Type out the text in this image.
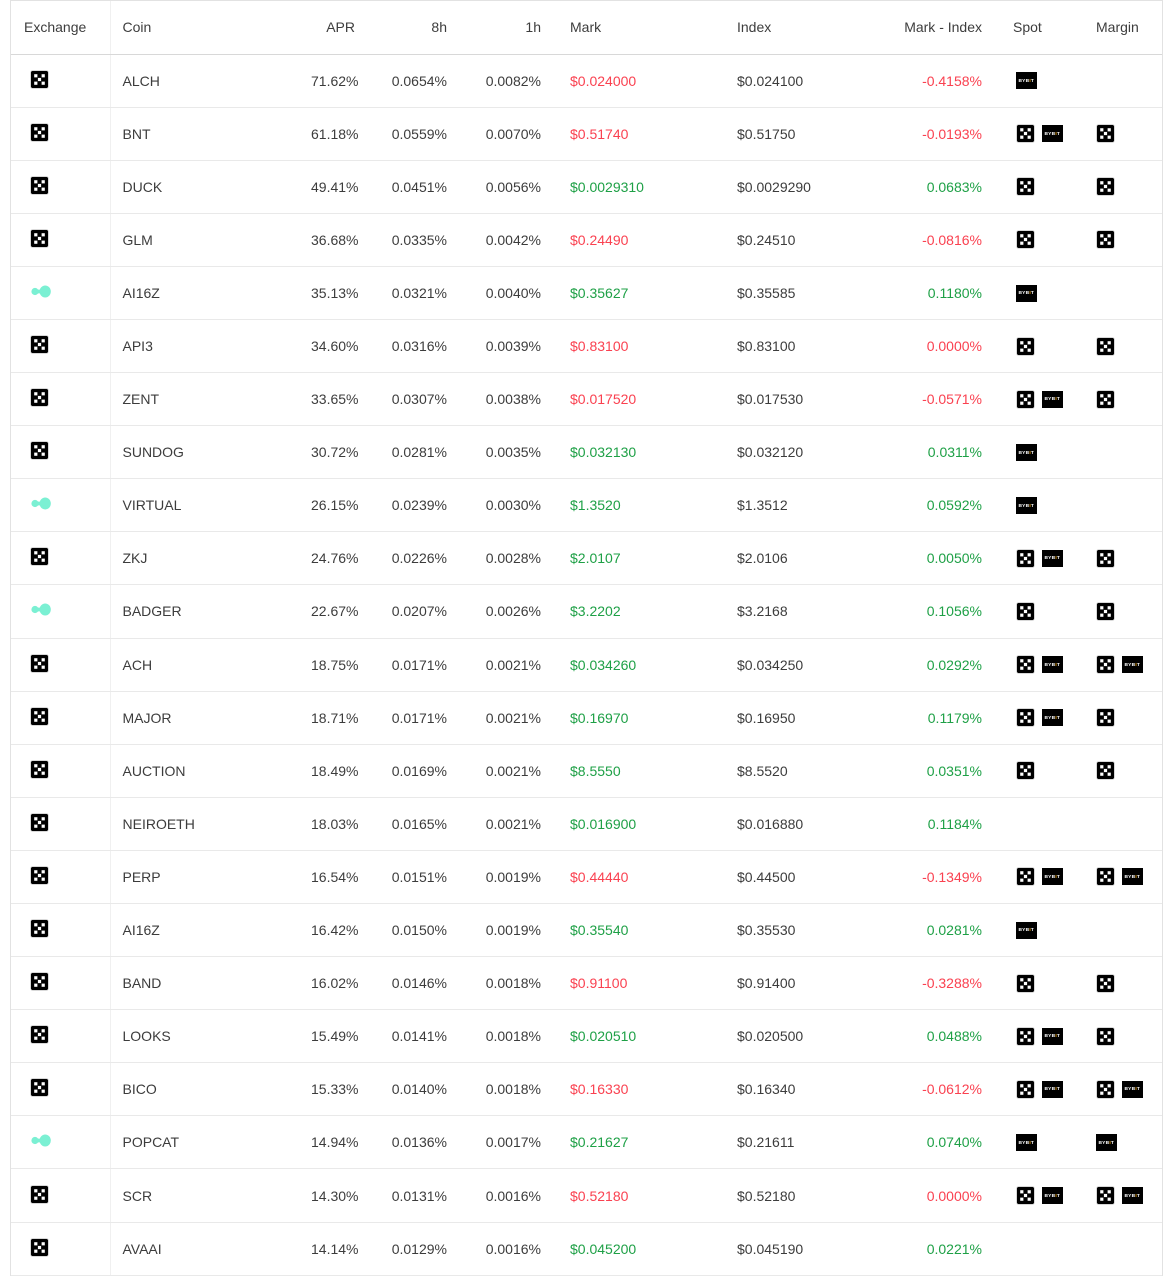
Exchange	Coin	APR	8h	1h	Mark	Index	Mark - Index	Spot	Margin
	ALCH	71.62%	0.0654%	0.0082%	$0.024000	$0.024100	-0.4158%	BYBIT	

	BNT	61.18%	0.0559%	0.0070%	$0.51740	$0.51750	-0.0193%	BYBIT

	DUCK	49.41%	0.0451%	0.0056%	$0.0029310	$0.0029290	0.0683%	

	GLM	36.68%	0.0335%	0.0042%	$0.24490	$0.24510	-0.0816%	

	AI16Z	35.13%	0.0321%	0.0040%	$0.35627	$0.35585	0.1180%	BYBIT	

	API3	34.60%	0.0316%	0.0039%	$0.83100	$0.83100	0.0000%	

	ZENT	33.65%	0.0307%	0.0038%	$0.017520	$0.017530	-0.0571%	BYBIT

	SUNDOG	30.72%	0.0281%	0.0035%	$0.032130	$0.032120	0.0311%	BYBIT	

	VIRTUAL	26.15%	0.0239%	0.0030%	$1.3520	$1.3512	0.0592%	BYBIT	

	ZKJ	24.76%	0.0226%	0.0028%	$2.0107	$2.0106	0.0050%	BYBIT

	BADGER	22.67%	0.0207%	0.0026%	$3.2202	$3.2168	0.1056%	

	ACH	18.75%	0.0171%	0.0021%	$0.034260	$0.034250	0.0292%	BYBIT	BYBIT

	MAJOR	18.71%	0.0171%	0.0021%	$0.16970	$0.16950	0.1179%	BYBIT

	AUCTION	18.49%	0.0169%	0.0021%	$8.5550	$8.5520	0.0351%	

	NEIROETH	18.03%	0.0165%	0.0021%	$0.016900	$0.016880	0.1184%		
	PERP	16.54%	0.0151%	0.0019%	$0.44440	$0.44500	-0.1349%	BYBIT	BYBIT

	AI16Z	16.42%	0.0150%	0.0019%	$0.35540	$0.35530	0.0281%	BYBIT	

	BAND	16.02%	0.0146%	0.0018%	$0.91100	$0.91400	-0.3288%	

	LOOKS	15.49%	0.0141%	0.0018%	$0.020510	$0.020500	0.0488%	BYBIT

	BICO	15.33%	0.0140%	0.0018%	$0.16330	$0.16340	-0.0612%	BYBIT	BYBIT

	POPCAT	14.94%	0.0136%	0.0017%	$0.21627	$0.21611	0.0740%	BYBIT	BYBIT

	SCR	14.30%	0.0131%	0.0016%	$0.52180	$0.52180	0.0000%	BYBIT	BYBIT

	AVAAI	14.14%	0.0129%	0.0016%	$0.045200	$0.045190	0.0221%		
